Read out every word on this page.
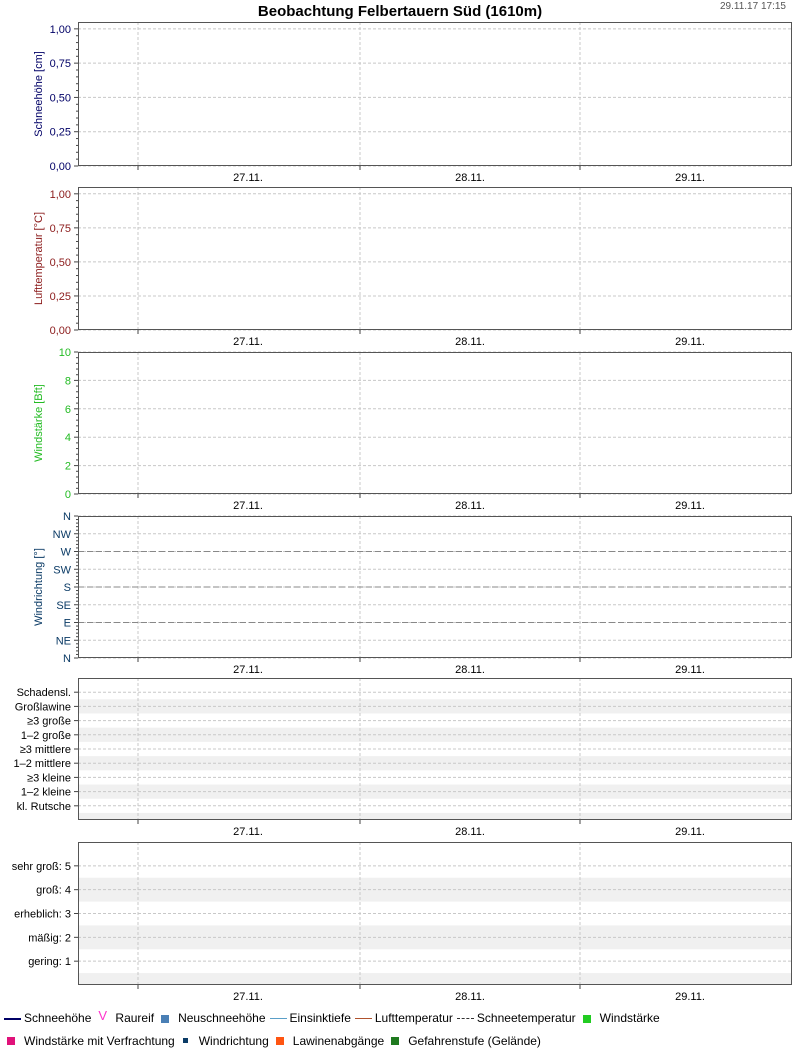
Beobachtung Felbertauern Süd (1610m)	29.11.17 17:15
0,00
0,25
0,50
0,75
1,00
27.11.	28.11.	29.11.
Schneehöhe [cm]
0,00
0,25
0,50
0,75
1,00
27.11.	28.11.	29.11.
Lufttemperatur [°C]
0
2
4
6
8
10
27.11.	28.11.	29.11.
Windstärke [Bft]
N
NE
E
SE
S
SW
W
NW
N
27.11.	28.11.	29.11.
Windrichtung [°]
kl. Rutsche
1–2 kleine
≥3 kleine
1–2 mittlere
≥3 mittlere
1–2 große
≥3 große
Großlawine
Schadensl.
27.11.	28.11.	29.11.
gering: 1
mäßig: 2
erheblich: 3
groß: 4
sehr groß: 5
27.11.	28.11.	29.11.
Schneehöhe V Raureif Neuschneehöhe Einsinktiefe Lufttemperatur Schneetemperatur Windstärke
Windstärke mit Verfrachtung Windrichtung Lawinenabgänge Gefahrenstufe (Gelände)
